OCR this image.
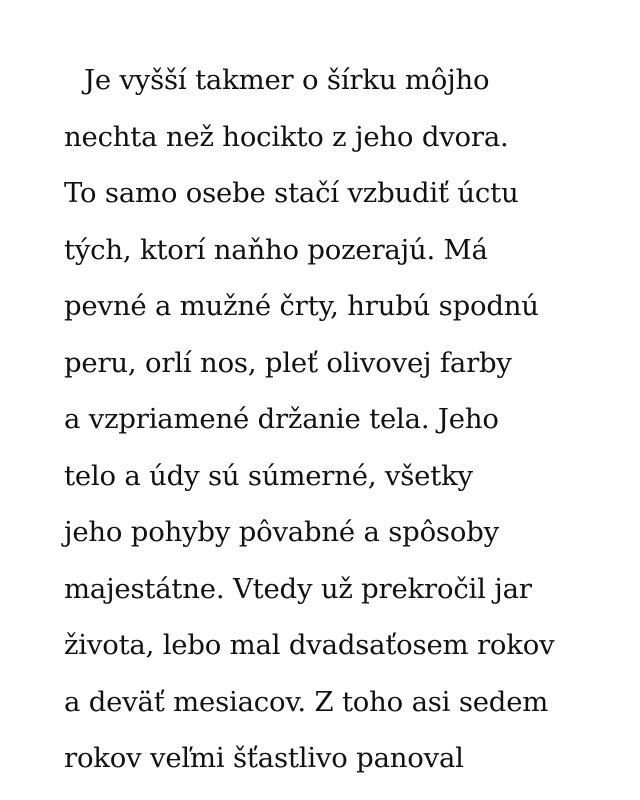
Je vyšší takmer o šírku môjho
nechta než hocikto z jeho dvora.
To samo osebe stačí vzbudiť úctu
tých, ktorí naňho pozerajú. Má
pevné a mužné črty, hrubú spodnú
peru, orlí nos, pleť olivovej farby
a vzpriamené držanie tela. Jeho
telo a údy sú súmerné, všetky
jeho pohyby pôvabné a spôsoby
majestátne. Vtedy už prekročil jar
života, lebo mal dvadsaťosem rokov
a deväť mesiacov. Z toho asi sedem
rokov veľmi šťastlivo panoval
